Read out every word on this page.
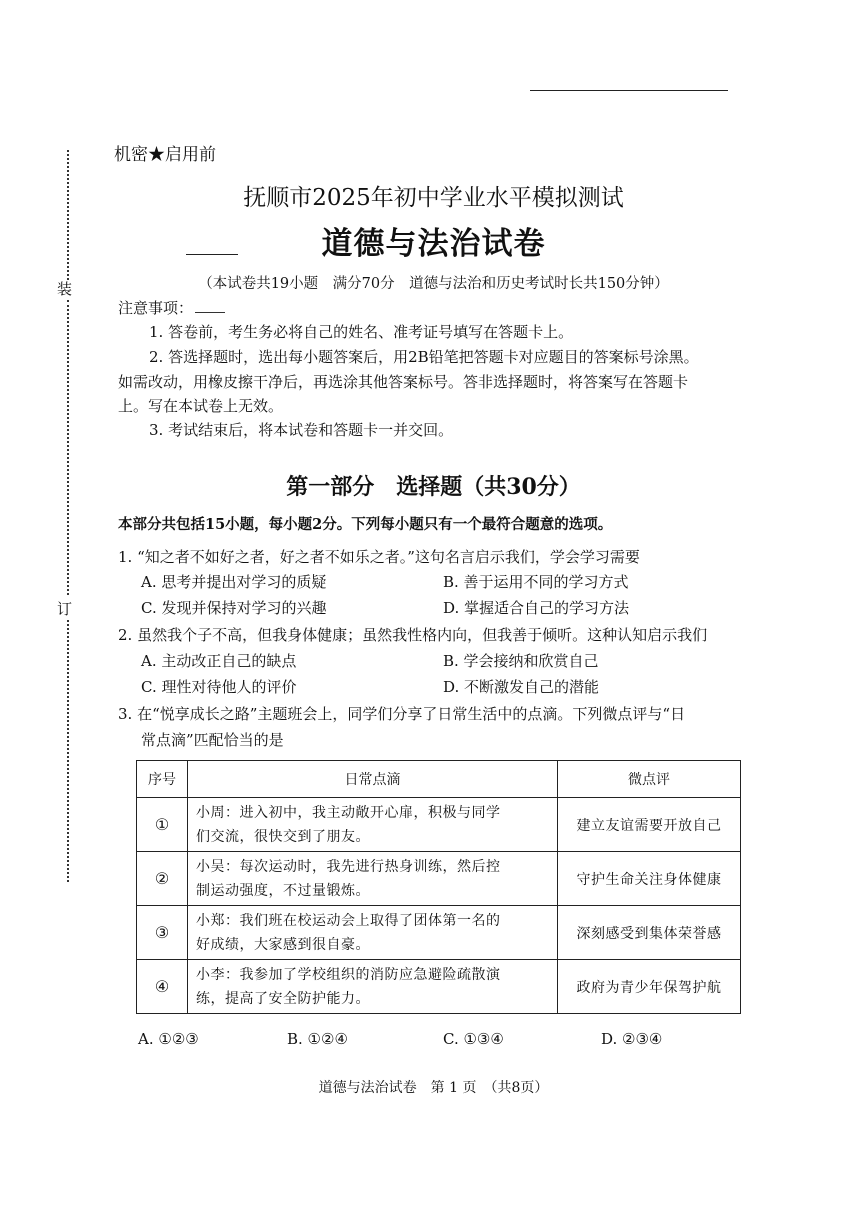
装
订
机密★启用前
抚顺市2025年初中学业水平模拟测试
道德与法治试卷
（本试卷共19小题　满分70分　道德与法治和历史考试时长共150分钟）
注意事项：
1. 答卷前，考生务必将自己的姓名、准考证号填写在答题卡上。
2. 答选择题时，选出每小题答案后，用2B铅笔把答题卡对应题目的答案标号涂黑。
如需改动，用橡皮擦干净后，再选涂其他答案标号。答非选择题时，将答案写在答题卡
上。写在本试卷上无效。
3. 考试结束后，将本试卷和答题卡一并交回。
第一部分　选择题（共30分）
本部分共包括15小题，每小题2分。下列每小题只有一个最符合题意的选项。
1. “知之者不如好之者，好之者不如乐之者。”这句名言启示我们，学会学习需要
A. 思考并提出对学习的质疑	B. 善于运用不同的学习方式
C. 发现并保持对学习的兴趣	D. 掌握适合自己的学习方法
2. 虽然我个子不高，但我身体健康；虽然我性格内向，但我善于倾听。这种认知启示我们
A. 主动改正自己的缺点	B. 学会接纳和欣赏自己
C. 理性对待他人的评价	D. 不断激发自己的潜能
3. 在“悦享成长之路”主题班会上，同学们分享了日常生活中的点滴。下列微点评与“日
常点滴”匹配恰当的是
序号	日常点滴	微点评
①	小周：进入初中，我主动敞开心扉，积极与同学
们交流，很快交到了朋友。	建立友谊需要开放自己
②	小吴：每次运动时，我先进行热身训练，然后控
制运动强度，不过量锻炼。	守护生命关注身体健康
③	小郑：我们班在校运动会上取得了团体第一名的
好成绩，大家感到很自豪。	深刻感受到集体荣誉感
④	小李：我参加了学校组织的消防应急避险疏散演
练，提高了安全防护能力。	政府为青少年保驾护航
A. ①②③	B. ①②④	C. ①③④	D. ②③④
道德与法治试卷　第 1 页　（共8页）
